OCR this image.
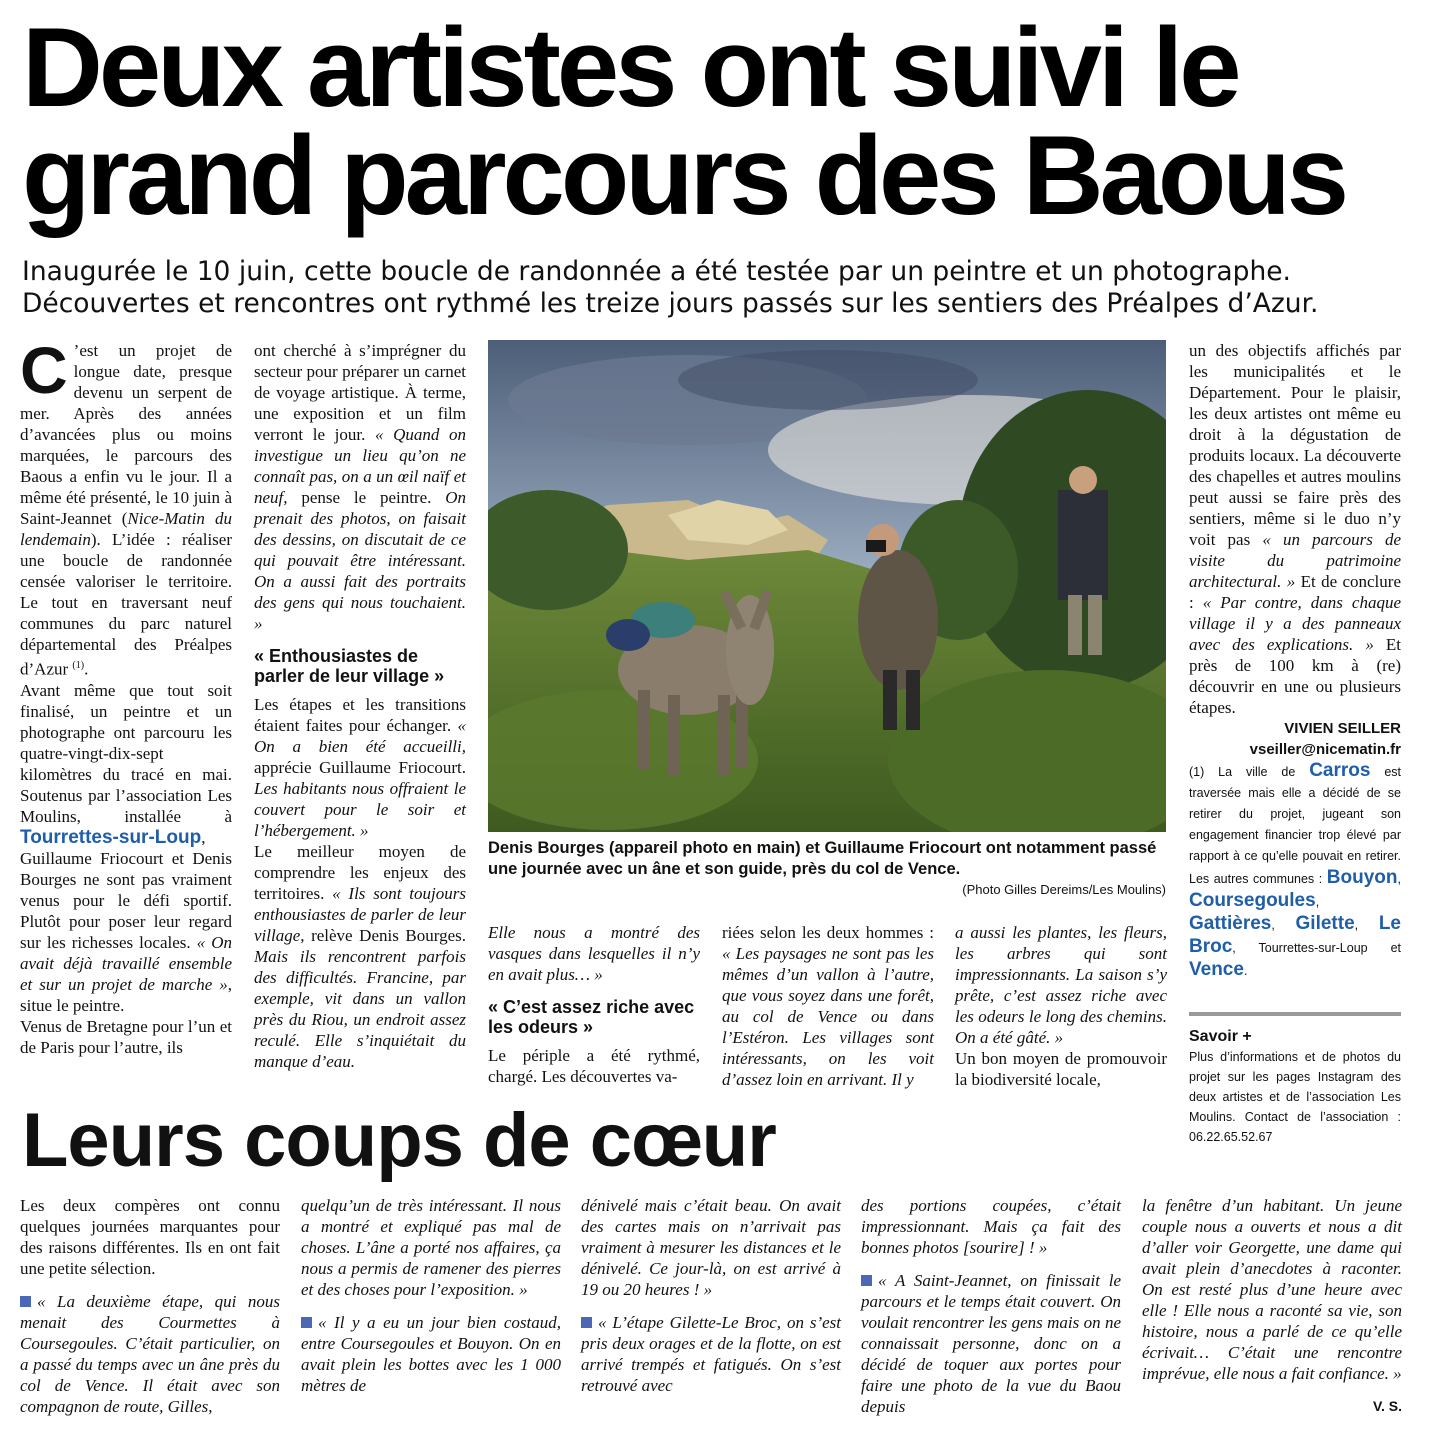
Deux artistes ont suivi le grand parcours des Baous

Inaugurée le 10 juin, cette boucle de randonnée a été testée par un peintre et un photographe. Découvertes et rencontres ont rythmé les treize jours passés sur les sentiers des Préalpes d’Azur.

C ’est un projet de longue date, presque devenu un serpent de mer. Après des années d’avancées plus ou moins marquées, le parcours des Baous a enfin vu le jour. Il a même été présenté, le 10 juin à Saint-Jeannet (Nice-Matin du lendemain). L’idée : réaliser une boucle de randonnée censée valoriser le territoire. Le tout en traversant neuf communes du parc naturel départemental des Préalpes d’Azur $^{(1)}$.

Avant même que tout soit finalisé, un peintre et un photographe ont parcouru les quatre-vingt-dix-sept kilomètres du tracé en mai. Soutenus par l’association Les Moulins, installée à Tourrettes-sur-Loup, Guillaume Friocourt et Denis Bourges ne sont pas vraiment venus pour le défi sportif. Plutôt pour poser leur regard sur les richesses locales. « On avait déjà travaillé ensemble et sur un projet de marche », situe le peintre.

Venus de Bretagne pour l’un et de Paris pour l’autre, ils

ont cherché à s’imprégner du secteur pour préparer un carnet de voyage artistique. À terme, une exposition et un film verront le jour. « Quand on investigue un lieu qu’on ne connaît pas, on a un œil naïf et neuf, pense le peintre. On prenait des photos, on faisait des dessins, on discutait de ce qui pouvait être intéressant. On a aussi fait des portraits des gens qui nous touchaient. »

« Enthousiastes de parler de leur village »

Les étapes et les transitions étaient faites pour échanger. « On a bien été accueilli, apprécie Guillaume Friocourt. Les habitants nous offraient le couvert pour le soir et l’hébergement. »

Le meilleur moyen de comprendre les enjeux des territoires. « Ils sont toujours enthousiastes de parler de leur village, relève Denis Bourges. Mais ils rencontrent parfois des difficultés. Francine, par exemple, vit dans un vallon près du Riou, un endroit assez reculé. Elle s’inquiétait du manque d’eau.

Denis Bourges (appareil photo en main) et Guillaume Friocourt ont notamment passé une journée avec un âne et son guide, près du col de Vence.
(Photo Gilles Dereims/Les Moulins)

Elle nous a montré des vasques dans lesquelles il n’y en avait plus… »

« C’est assez riche avec les odeurs »

Le périple a été rythmé, chargé. Les découvertes va-

riées selon les deux hommes : « Les paysages ne sont pas les mêmes d’un vallon à l’autre, que vous soyez dans une forêt, au col de Vence ou dans l’Estéron. Les villages sont intéressants, on les voit d’assez loin en arrivant. Il y

a aussi les plantes, les fleurs, les arbres qui sont impressionnants. La saison s’y prête, c’est assez riche avec les odeurs le long des chemins. On a été gâté. »

Un bon moyen de promouvoir la biodiversité locale,

un des objectifs affichés par les municipalités et le Département. Pour le plaisir, les deux artistes ont même eu droit à la dégustation de produits locaux. La découverte des chapelles et autres moulins peut aussi se faire près des sentiers, même si le duo n’y voit pas « un parcours de visite du patrimoine architectural. » Et de conclure : « Par contre, dans chaque village il y a des panneaux avec des explications. » Et près de 100 km à (re) découvrir en une ou plusieurs étapes.

VIVIEN SEILLER
vseiller@nicematin.fr
(1) La ville de Carros est traversée mais elle a décidé de se retirer du projet, jugeant son engagement financier trop élevé par rapport à ce qu’elle pouvait en retirer. Les autres communes : Bouyon, Coursegoules, Gattières, Gilette, Le Broc, Tourrettes-sur-Loup et Vence.
Savoir +
Plus d’informations et de photos du projet sur les pages Instagram des deux artistes et de l’association Les Moulins. Contact de l’association : 06.22.65.52.67
Leurs coups de cœur

Les deux compères ont connu quelques journées marquantes pour des raisons différentes. Ils en ont fait une petite sélection.

« La deuxième étape, qui nous menait des Courmettes à Coursegoules. C’était particulier, on a passé du temps avec un âne près du col de Vence. Il était avec son compagnon de route, Gilles,

quelqu’un de très intéressant. Il nous a montré et expliqué pas mal de choses. L’âne a porté nos affaires, ça nous a permis de ramener des pierres et des choses pour l’exposition. »

« Il y a eu un jour bien costaud, entre Coursegoules et Bouyon. On en avait plein les bottes avec les 1 000 mètres de

dénivelé mais c’était beau. On avait des cartes mais on n’arrivait pas vraiment à mesurer les distances et le dénivelé. Ce jour-là, on est arrivé à 19 ou 20 heures ! »

« L’étape Gilette-Le Broc, on s’est pris deux orages et de la flotte, on est arrivé trempés et fatigués. On s’est retrouvé avec

des portions coupées, c’était impressionnant. Mais ça fait des bonnes photos [sourire] ! »

« A Saint-Jeannet, on finissait le parcours et le temps était couvert. On voulait rencontrer les gens mais on ne connaissait personne, donc on a décidé de toquer aux portes pour faire une photo de la vue du Baou depuis

la fenêtre d’un habitant. Un jeune couple nous a ouverts et nous a dit d’aller voir Georgette, une dame qui avait plein d’anecdotes à raconter. On est resté plus d’une heure avec elle ! Elle nous a raconté sa vie, son histoire, nous a parlé de ce qu’elle écrivait… C’était une rencontre imprévue, elle nous a fait confiance. »

V. S.
